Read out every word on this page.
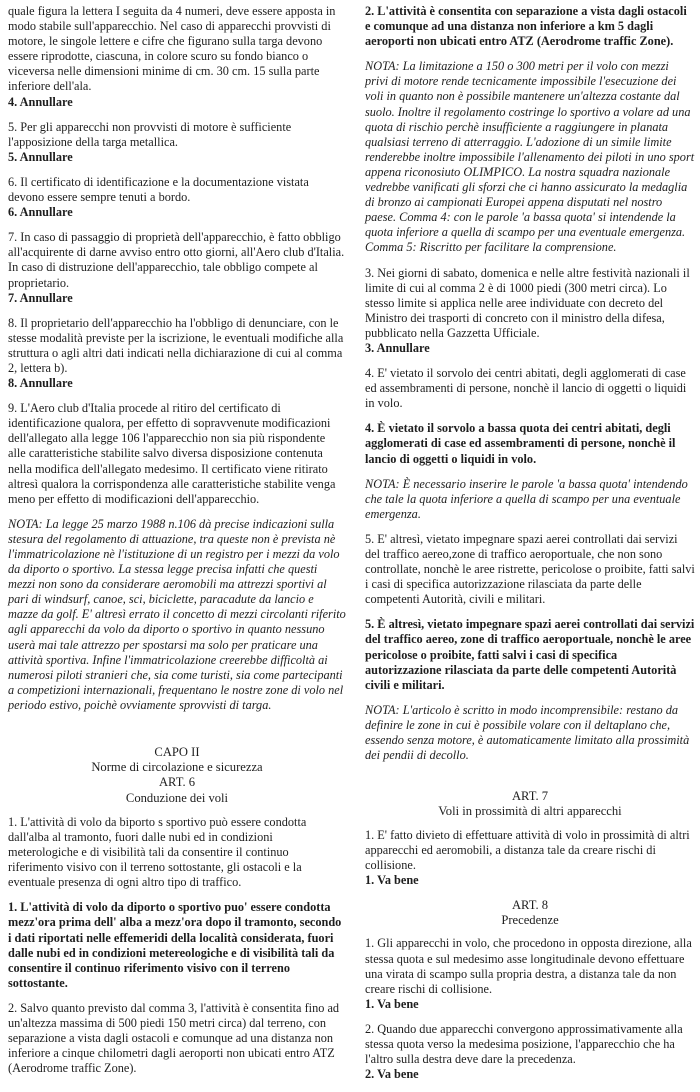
quale figura la lettera I seguita da 4 numeri, deve essere apposta in modo stabile sull'apparecchio. Nel caso di apparecchi provvisti di motore, le singole lettere e cifre che figurano sulla targa devono essere riprodotte, ciascuna, in colore scuro su fondo bianco o viceversa nelle dimensioni minime di cm. 30 cm. 15 sulla parte inferiore dell'ala.

4. Annullare

5. Per gli apparecchi non provvisti di motore è sufficiente l'apposizione della targa metallica.

5. Annullare

6. Il certificato di identificazione e la documentazione vistata devono essere sempre tenuti a bordo.

6. Annullare

7. In caso di passaggio di proprietà dell'apparecchio, è fatto obbligo all'acquirente di darne avviso entro otto giorni, all'Aero club d'Italia. In caso di distruzione dell'apparecchio, tale obbligo compete al proprietario.

7. Annullare

8. Il proprietario dell'apparecchio ha l'obbligo di denunciare, con le stesse modalità previste per la iscrizione, le eventuali modifiche alla struttura o agli altri dati indicati nella dichiarazione di cui al comma 2, lettera b).

8. Annullare

9. L'Aero club d'Italia procede al ritiro del certificato di identificazione qualora, per effetto di sopravvenute modificazioni dell'allegato alla legge 106 l'apparecchio non sia più rispondente alle caratteristiche stabilite salvo diversa disposizione contenuta nella modifica dell'allegato medesimo. Il certificato viene ritirato altresì qualora la corrispondenza alle caratteristiche stabilite venga meno per effetto di modificazioni dell'apparecchio.

NOTA: La legge 25 marzo 1988 n.106 dà precise indicazioni sulla stesura del regolamento di attuazione, tra queste non è prevista nè l'immatricolazione nè l'istituzione di un registro per i mezzi da volo da diporto o sportivo. La stessa legge precisa infatti che questi mezzi non sono da considerare aeromobili ma attrezzi sportivi al pari di windsurf, canoe, sci, biciclette, paracadute da lancio e mazze da golf. E' altresì errato il concetto di mezzi circolanti riferito agli apparecchi da volo da diporto o sportivo in quanto nessuno userà mai tale attrezzo per spostarsi ma solo per praticare una attività sportiva. Infine l'immatricolazione creerebbe difficoltà ai numerosi piloti stranieri che, sia come turisti, sia come partecipanti a competizioni internazionali, frequentano le nostre zone di volo nel periodo estivo, poichè ovviamente sprovvisti di targa.

CAPO II

Norme di circolazione e sicurezza

ART. 6

Conduzione dei voli

1. L'attività di volo da biporto s sportivo può essere condotta dall'alba al tramonto, fuori dalle nubi ed in condizioni meterologiche e di visibilità tali da consentire il continuo riferimento visivo con il terreno sottostante, gli ostacoli e la eventuale presenza di ogni altro tipo di traffico.

1. L'attività di volo da diporto o sportivo puo' essere condotta mezz'ora prima dell' alba a mezz'ora dopo il tramonto, secondo i dati riportati nelle effemeridi della località considerata, fuori dalle nubi ed in condizioni metereologiche e di visibilità tali da consentire il continuo riferimento visivo con il terreno sottostante.

2. Salvo quanto previsto dal comma 3, l'attività è consentita fino ad un'altezza massima di 500 piedi 150 metri circa) dal terreno, con separazione a vista dagli ostacoli e comunque ad una distanza non inferiore a cinque chilometri dagli aeroporti non ubicati entro ATZ (Aerodrome traffic Zone).

2. L'attività è consentita con separazione a vista dagli ostacoli e comunque ad una distanza non inferiore a km 5 dagli aeroporti non ubicati entro ATZ (Aerodrome traffic Zone).

NOTA: La limitazione a 150 o 300 metri per il volo con mezzi privi di motore rende tecnicamente impossibile l'esecuzione dei voli in quanto non è possibile mantenere un'altezza costante dal suolo. Inoltre il regolamento costringe lo sportivo a volare ad una quota di rischio perchè insufficiente a raggiungere in planata qualsiasi terreno di atterraggio. L'adozione di un simile limite renderebbe inoltre impossibile l'allenamento dei piloti in uno sport appena riconosiuto OLIMPICO. La nostra squadra nazionale vedrebbe vanificati gli sforzi che ci hanno assicurato la medaglia di bronzo ai campionati Europei appena disputati nel nostro paese. Comma 4: con le parole 'a bassa quota' si intendende la quota inferiore a quella di scampo per una eventuale emergenza. Comma 5: Riscritto per facilitare la comprensione.

3. Nei giorni di sabato, domenica e nelle altre festività nazionali il limite di cui al comma 2 è di 1000 piedi (300 metri circa). Lo stesso limite si applica nelle aree individuate con decreto del Ministro dei trasporti di concreto con il ministro della difesa, pubblicato nella Gazzetta Ufficiale.

3. Annullare

4. E' vietato il sorvolo dei centri abitati, degli agglomerati di case ed assembramenti di persone, nonchè il lancio di oggetti o liquidi in volo.

4. È vietato il sorvolo a bassa quota dei centri abitati, degli agglomerati di case ed assembramenti di persone, nonchè il lancio di oggetti o liquidi in volo.

NOTA: È necessario inserire le parole 'a bassa quota' intendendo che tale la quota inferiore a quella di scampo per una eventuale emergenza.

5. E' altresì, vietato impegnare spazi aerei controllati dai servizi del traffico aereo,zone di traffico aeroportuale, che non sono controllate, nonchè le aree ristrette, pericolose o proibite, fatti salvi i casi di specifica autorizzazione rilasciata da parte delle competenti Autorità, civili e militari.

5. È altresì, vietato impegnare spazi aerei controllati dai servizi del traffico aereo, zone di traffico aeroportuale, nonchè le aree pericolose o proibite, fatti salvi i casi di specifica autorizzazione rilasciata da parte delle competenti Autorità civili e militari.

NOTA: L'articolo è scritto in modo incomprensibile: restano da definire le zone in cui è possibile volare con il deltaplano che, essendo senza motore, è automaticamente limitato alla prossimità dei pendii di decollo.

ART. 7

Voli in prossimità di altri apparecchi

1. E' fatto divieto di effettuare attività di volo in prossimità di altri apparecchi ed aeromobili, a distanza tale da creare rischi di collisione.

1. Va bene

ART. 8

Precedenze

1. Gli apparecchi in volo, che procedono in opposta direzione, alla stessa quota e sul medesimo asse longitudinale devono effettuare una virata di scampo sulla propria destra, a distanza tale da non creare rischi di collisione.

1. Va bene

2. Quando due apparecchi convergono approssimativamente alla stessa quota verso la medesima posizione, l'apparecchio che ha l'altro sulla destra deve dare la precedenza.

2. Va bene
